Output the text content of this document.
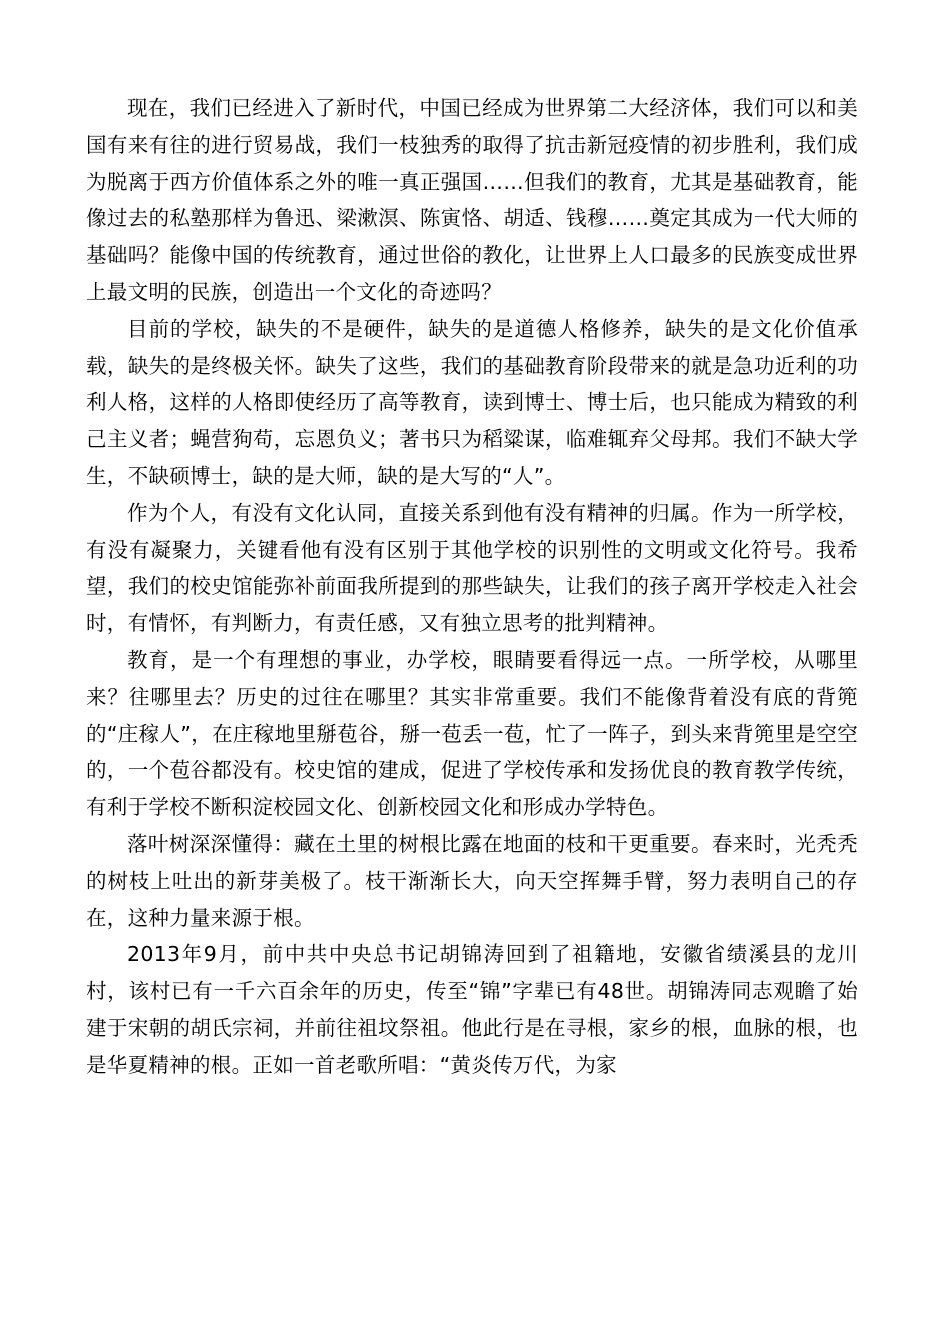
现在，我们已经进入了新时代，中国已经成为世界第二大经济体，我们可以和美国有来有往的进行贸易战，我们一枝独秀的取得了抗击新冠疫情的初步胜利，我们成为脱离于西方价值体系之外的唯一真正强国……但我们的教育，尤其是基础教育，能像过去的私塾那样为鲁迅、梁漱溟、陈寅恪、胡适、钱穆……奠定其成为一代大师的基础吗？能像中国的传统教育，通过世俗的教化，让世界上人口最多的民族变成世界上最文明的民族，创造出一个文化的奇迹吗？

目前的学校，缺失的不是硬件，缺失的是道德人格修养，缺失的是文化价值承载，缺失的是终极关怀。缺失了这些，我们的基础教育阶段带来的就是急功近利的功利人格，这样的人格即使经历了高等教育，读到博士、博士后，也只能成为精致的利己主义者；蝇营狗苟，忘恩负义；著书只为稻粱谋，临难辄弃父母邦。我们不缺大学生，不缺硕博士，缺的是大师，缺的是大写的“人”。

作为个人，有没有文化认同，直接关系到他有没有精神的归属。作为一所学校，有没有凝聚力，关键看他有没有区别于其他学校的识别性的文明或文化符号。我希望，我们的校史馆能弥补前面我所提到的那些缺失，让我们的孩子离开学校走入社会时，有情怀，有判断力，有责任感，又有独立思考的批判精神。

教育，是一个有理想的事业，办学校，眼睛要看得远一点。一所学校，从哪里来？往哪里去？历史的过往在哪里？其实非常重要。我们不能像背着没有底的背篼的“庄稼人”，在庄稼地里掰苞谷，掰一苞丢一苞，忙了一阵子，到头来背篼里是空空的，一个苞谷都没有。校史馆的建成，促进了学校传承和发扬优良的教育教学传统，有利于学校不断积淀校园文化、创新校园文化和形成办学特色。

落叶树深深懂得：藏在土里的树根比露在地面的枝和干更重要。春来时，光秃秃的树枝上吐出的新芽美极了。枝干渐渐长大，向天空挥舞手臂，努力表明自己的存在，这种力量来源于根。

2013年9月，前中共中央总书记胡锦涛回到了祖籍地，安徽省绩溪县的龙川村，该村已有一千六百余年的历史，传至“锦”字辈已有48世。胡锦涛同志观瞻了始建于宋朝的胡氏宗祠，并前往祖坟祭祖。他此行是在寻根，家乡的根，血脉的根，也是华夏精神的根。正如一首老歌所唱：“黄炎传万代，为家
